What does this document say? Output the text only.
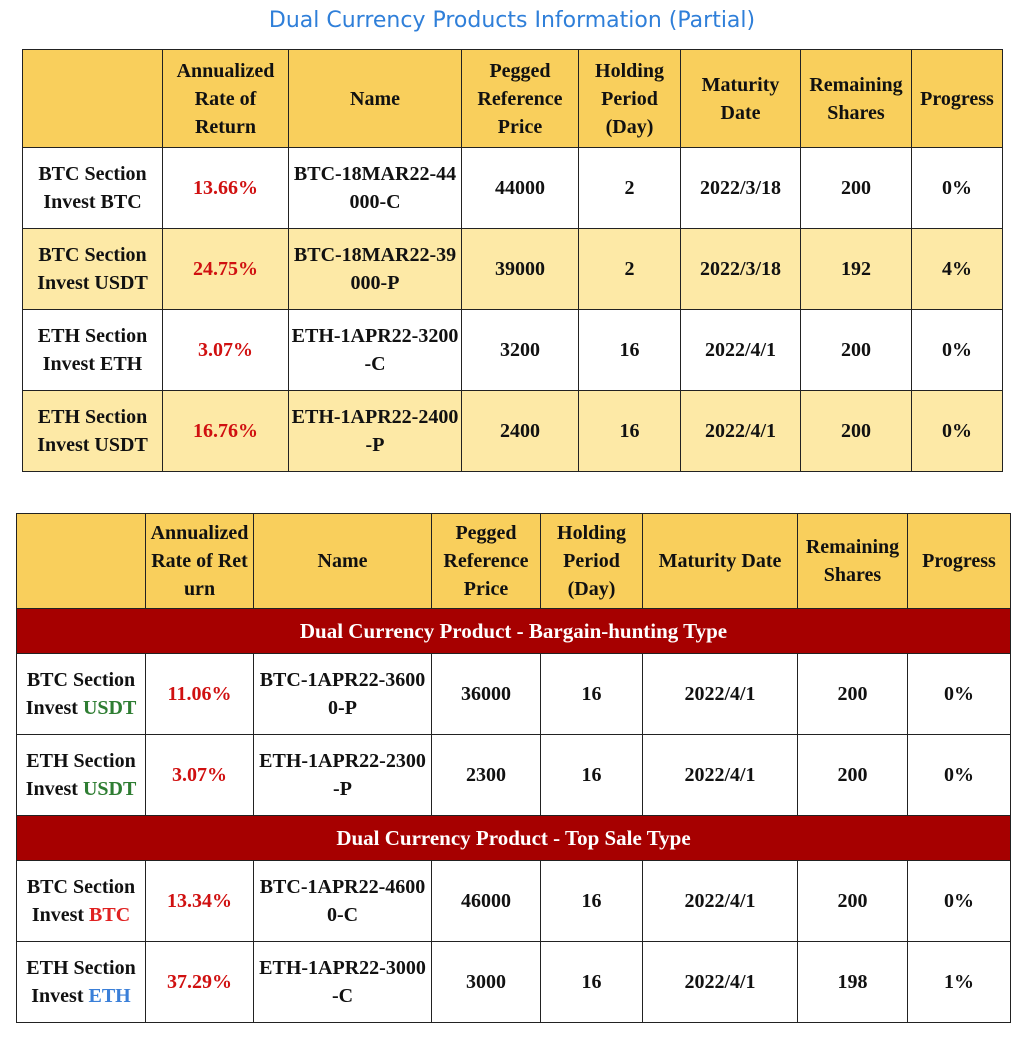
Dual Currency Products Information (Partial)
	Annualized Rate of Return	Name	Pegged Reference Price	Holding Period (Day)	Maturity Date	Remaining Shares	Progress

BTC Section
Invest BTC	13.66%	BTC-18MAR22-44000-C	44000	2	2022/3/18	200	0%

BTC Section
Invest USDT	24.75%	BTC-18MAR22-39000-P	39000	2	2022/3/18	192	4%

ETH Section
Invest ETH	3.07%	ETH-1APR22-3200-C	3200	16	2022/4/1	200	0%

ETH Section
Invest USDT	16.76%	ETH-1APR22-2400-P	2400	16	2022/4/1	200	0%
	Annualized Rate of Return	Name	Pegged Reference Price	Holding Period (Day)	Maturity Date	Remaining Shares	Progress
Dual Currency Product - Bargain-hunting Type							

BTC Section
Invest USDT	11.06%	BTC-1APR22-36000-P	36000	16	2022/4/1	200	0%

ETH Section
Invest USDT	3.07%	ETH-1APR22-2300-P	2300	16	2022/4/1	200	0%
Dual Currency Product - Top Sale Type							

BTC Section
Invest BTC	13.34%	BTC-1APR22-46000-C	46000	16	2022/4/1	200	0%

ETH Section
Invest ETH	37.29%	ETH-1APR22-3000-C	3000	16	2022/4/1	198	1%
